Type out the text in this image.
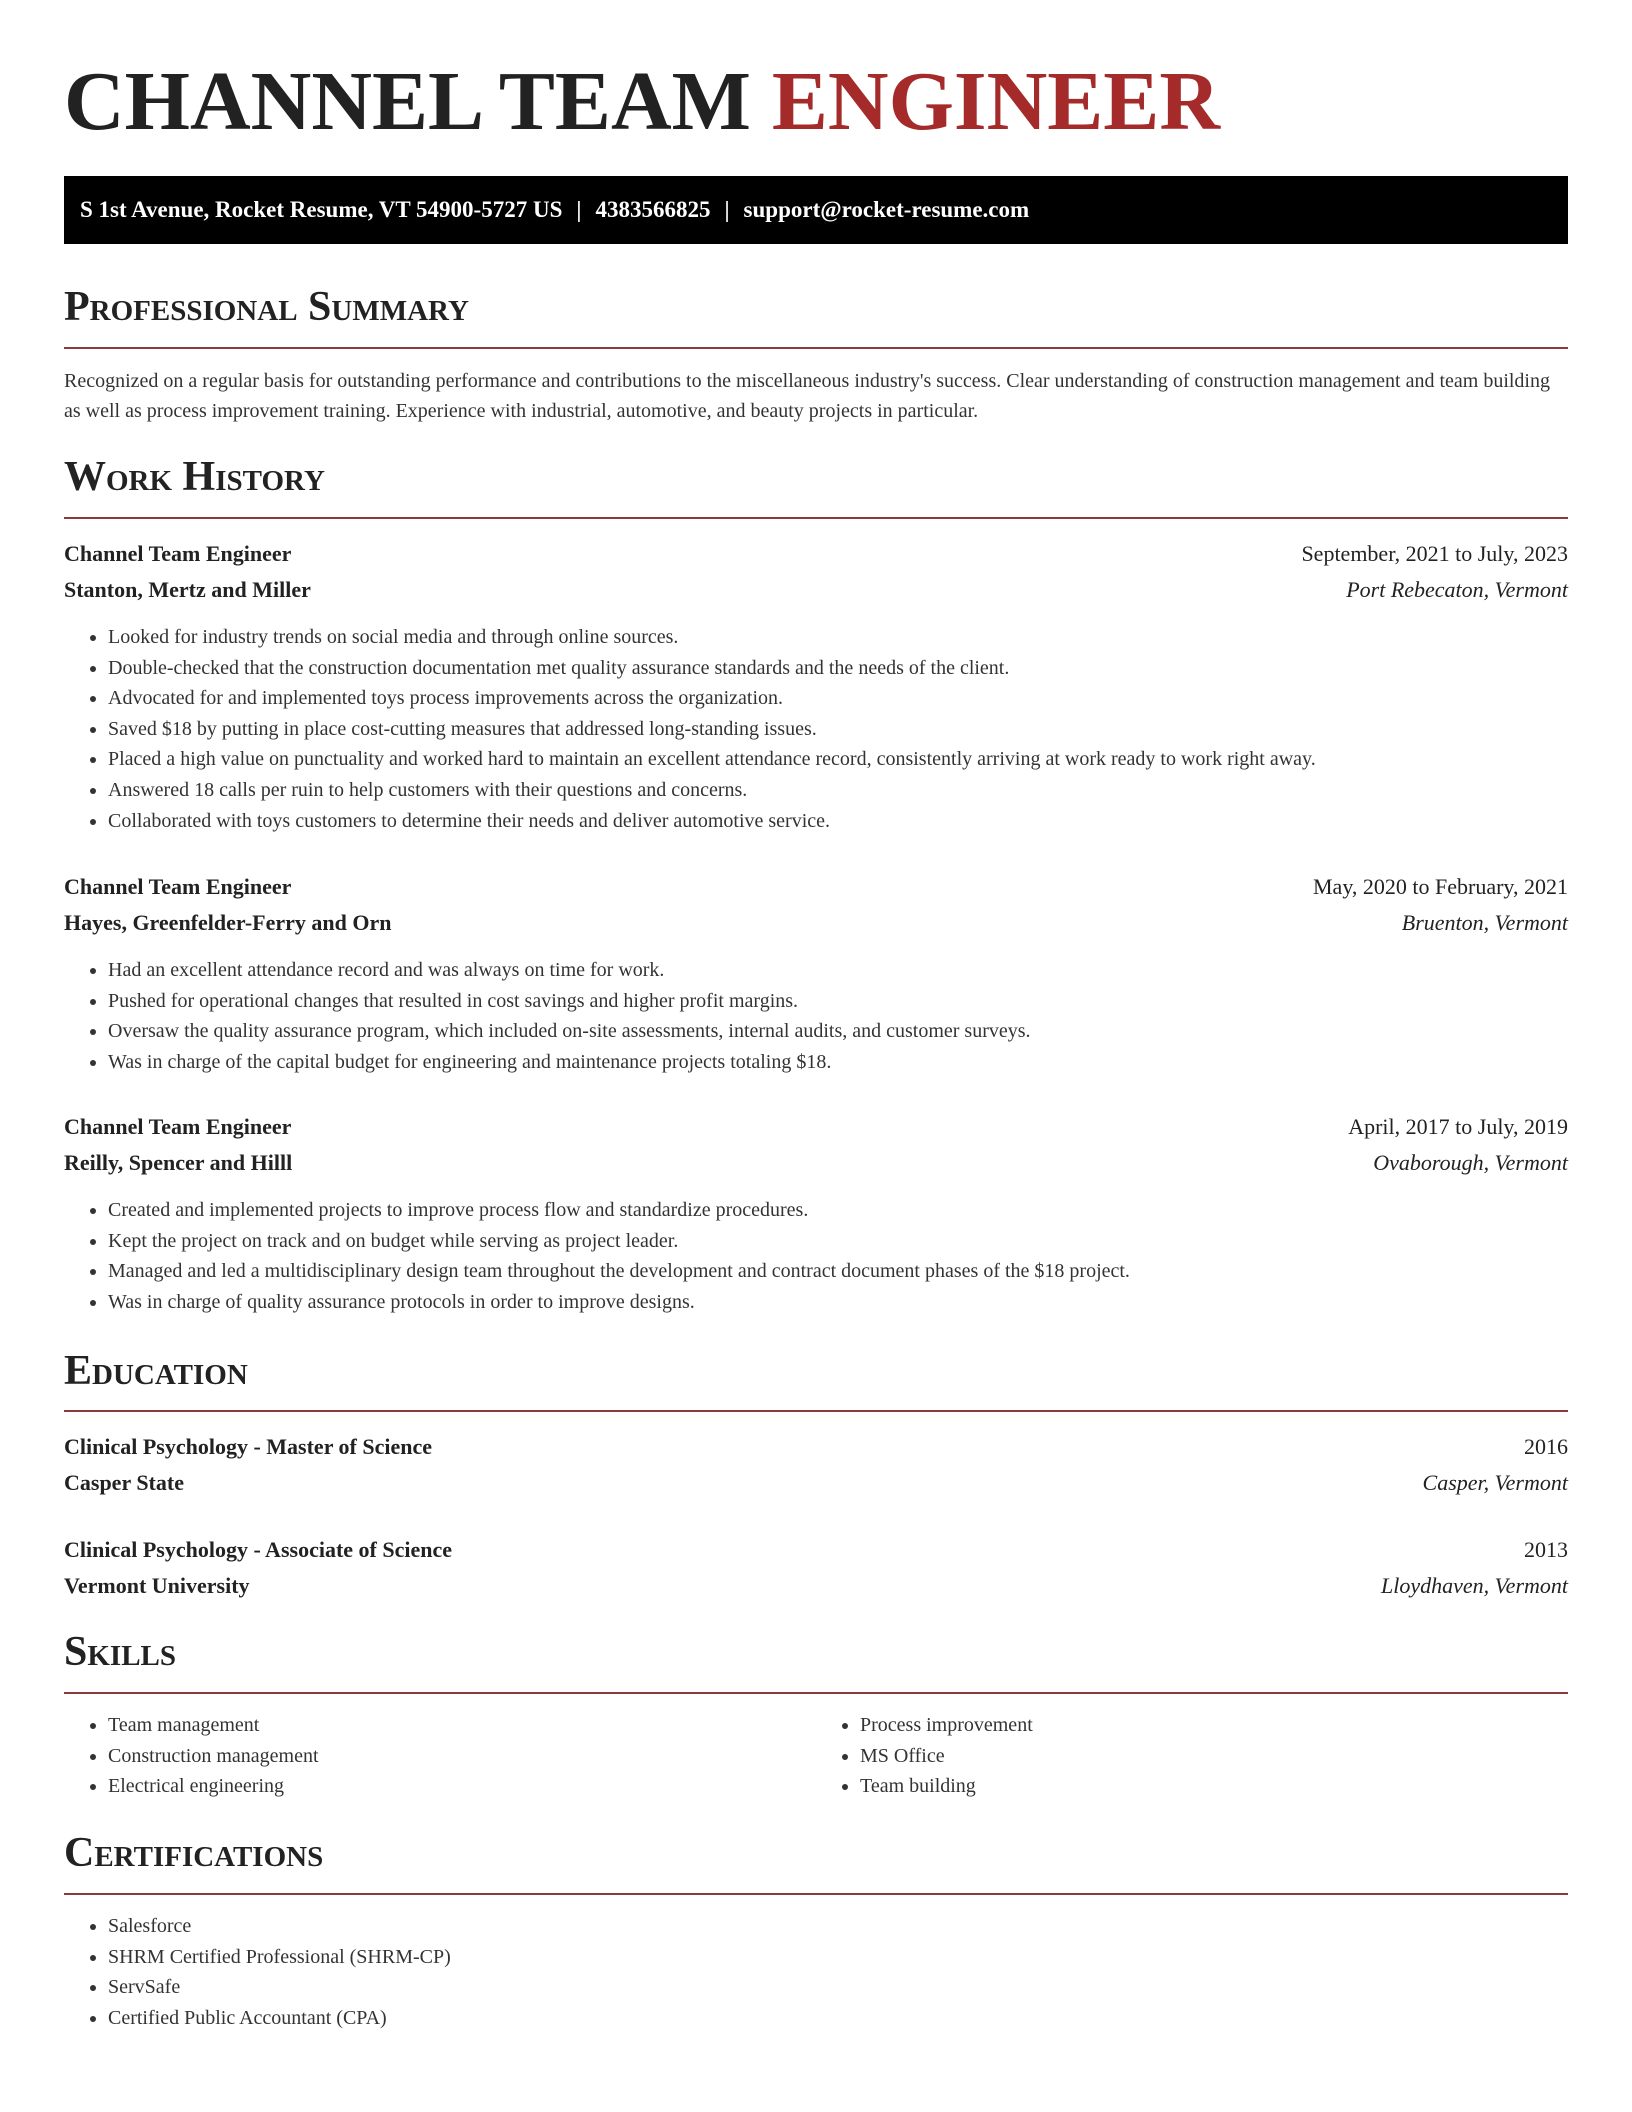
CHANNEL TEAM ENGINEER
S 1st Avenue, Rocket Resume, VT 54900-5727 US | 4383566825 | support@rocket-resume.com
Professional Summary

Recognized on a regular basis for outstanding performance and contributions to the miscellaneous industry's success. Clear understanding of construction management and team building as well as process improvement training. Experience with industrial, automotive, and beauty projects in particular.

Work History
Channel Team Engineer	September, 2021 to July, 2023
Stanton, Mertz and Miller	Port Rebecaton, Vermont
• Looked for industry trends on social media and through online sources.
• Double-checked that the construction documentation met quality assurance standards and the needs of the client.
• Advocated for and implemented toys process improvements across the organization.
• Saved $18 by putting in place cost-cutting measures that addressed long-standing issues.
• Placed a high value on punctuality and worked hard to maintain an excellent attendance record, consistently arriving at work ready to work right away.
• Answered 18 calls per ruin to help customers with their questions and concerns.
• Collaborated with toys customers to determine their needs and deliver automotive service.
Channel Team Engineer	May, 2020 to February, 2021
Hayes, Greenfelder-Ferry and Orn	Bruenton, Vermont
• Had an excellent attendance record and was always on time for work.
• Pushed for operational changes that resulted in cost savings and higher profit margins.
• Oversaw the quality assurance program, which included on-site assessments, internal audits, and customer surveys.
• Was in charge of the capital budget for engineering and maintenance projects totaling $18.
Channel Team Engineer	April, 2017 to July, 2019
Reilly, Spencer and Hilll	Ovaborough, Vermont
• Created and implemented projects to improve process flow and standardize procedures.
• Kept the project on track and on budget while serving as project leader.
• Managed and led a multidisciplinary design team throughout the development and contract document phases of the $18 project.
• Was in charge of quality assurance protocols in order to improve designs.
Education
Clinical Psychology - Master of Science	2016
Casper State	Casper, Vermont
Clinical Psychology - Associate of Science	2013
Vermont University	Lloydhaven, Vermont
Skills
• Team management
• Construction management
• Electrical engineering
• Process improvement
• MS Office
• Team building
Certifications
• Salesforce
• SHRM Certified Professional (SHRM-CP)
• ServSafe
• Certified Public Accountant (CPA)
